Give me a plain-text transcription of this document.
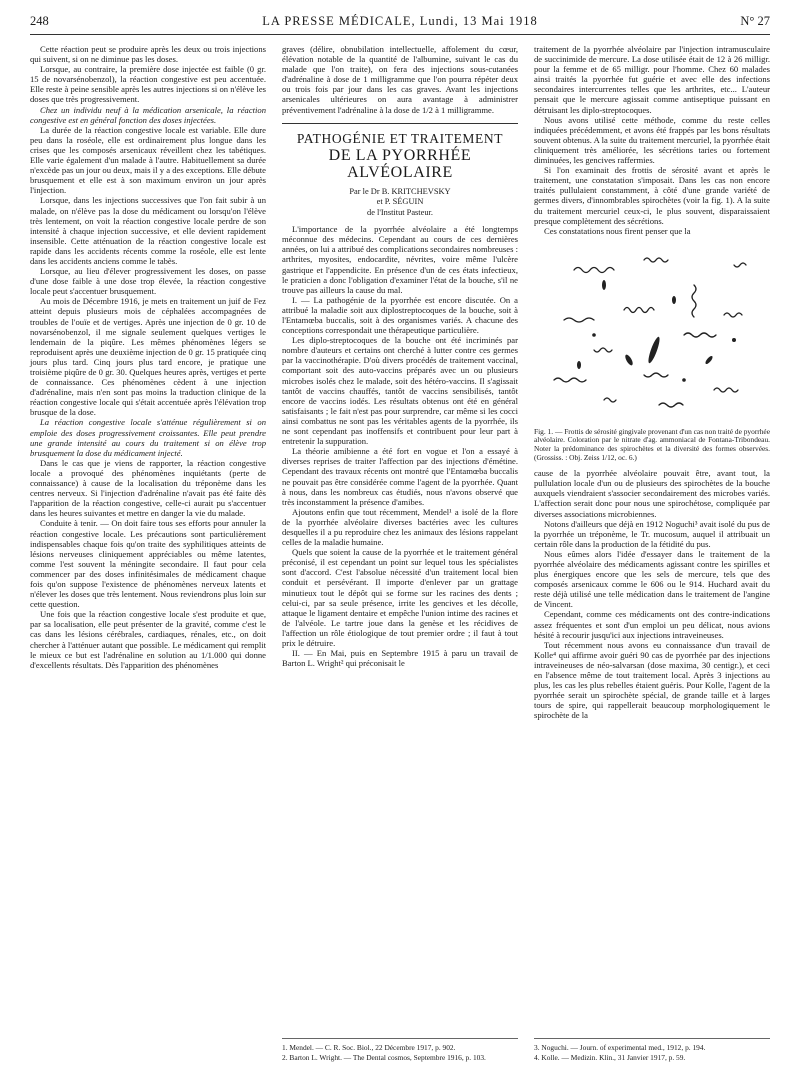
248	LA PRESSE MÉDICALE, Lundi, 13 Mai 1918	N° 27

Cette réaction peut se produire après les deux ou trois injections qui suivent, si on ne diminue pas les doses.

Lorsque, au contraire, la première dose injectée est faible (0 gr. 15 de novarsénobenzol), la réaction congestive est peu accentuée. Elle reste à peine sensible après les autres injections si on n'élève les doses que très progressivement.

Chez un individu neuf à la médication arsenicale, la réaction congestive est en général fonction des doses injectées.

La durée de la réaction congestive locale est variable. Elle dure peu dans la roséole, elle est ordinairement plus longue dans les crises que les composés arsenicaux réveillent chez les tabétiques. Elle varie également d'un malade à l'autre. Habituellement sa durée n'excède pas un jour ou deux, mais il y a des exceptions. Elle débute brusquement et elle est à son maximum environ un jour après l'injection.

Lorsque, dans les injections successives que l'on fait subir à un malade, on n'élève pas la dose du médicament ou lorsqu'on l'élève très lentement, on voit la réaction congestive locale perdre de son intensité à chaque injection successive, et elle devient rapidement insensible. Cette atténuation de la réaction congestive locale est rapide dans les accidents récents comme la roséole, elle est lente dans les accidents anciens comme le tabès.

Lorsque, au lieu d'élever progressivement les doses, on passe d'une dose faible à une dose trop élevée, la réaction congestive locale peut s'accentuer brusquement.

Au mois de Décembre 1916, je mets en traitement un juif de Fez atteint depuis plusieurs mois de céphalées accompagnées de troubles de l'ouïe et de vertiges. Après une injection de 0 gr. 10 de novarsénobenzol, il me signale seulement quelques vertiges le lendemain de la piqûre. Les mêmes phénomènes légers se reproduisent après une deuxième injection de 0 gr. 15 pratiquée cinq jours plus tard. Cinq jours plus tard encore, je pratique une troisième piqûre de 0 gr. 30. Quelques heures après, vertiges et perte de connaissance. Ces phénomènes cèdent à une injection d'adrénaline, mais n'en sont pas moins la traduction clinique de la réaction congestive locale qui s'était accentuée après l'élévation trop brusque de la dose.

La réaction congestive locale s'atténue régulièrement si on emploie des doses progressivement croissantes. Elle peut prendre une grande intensité au cours du traitement si on élève trop brusquement la dose du médicament injecté.

Dans le cas que je viens de rapporter, la réaction congestive locale a provoqué des phénomènes inquiétants (perte de connaissance) à cause de la localisation du tréponème dans les centres nerveux. Si l'injection d'adrénaline n'avait pas été faite dès l'apparition de la réaction congestive, celle-ci aurait pu s'accentuer dans les heures suivantes et mettre en danger la vie du malade.

Conduite à tenir. — On doit faire tous ses efforts pour annuler la réaction congestive locale. Les précautions sont particulièrement indispensables chaque fois qu'on traite des syphilitiques atteints de lésions nerveuses cliniquement appréciables ou même latentes, comme l'est souvent la méningite secondaire. Il faut pour cela commencer par des doses infinitésimales de médicament chaque fois qu'on suppose l'existence de phénomènes nerveux latents et n'élever les doses que très lentement. Nous reviendrons plus loin sur cette question.

Une fois que la réaction congestive locale s'est produite et que, par sa localisation, elle peut présenter de la gravité, comme c'est le cas dans les lésions cérébrales, cardiaques, rénales, etc., on doit chercher à l'atténuer autant que possible. Le médicament qui remplit le mieux ce but est l'adrénaline en solution au 1/1.000 qui donne d'excellents résultats. Dès l'apparition des phénomènes

graves (délire, obnubilation intellectuelle, affolement du cœur, élévation notable de la quantité de l'albumine, suivant le cas du malade que l'on traite), on fera des injections sous-cutanées d'adrénaline à dose de 1 milligramme que l'on pourra répéter deux ou trois fois par jour dans les cas graves. Avant les injections arsenicales ultérieures on aura avantage à administrer préventivement l'adrénaline à la dose de 1/2 à 1 milligramme.

PATHOGÉNIE ET TRAITEMENT
DE LA PYORRHÉE ALVÉOLAIRE
Par le Dr B. KRITCHEVSKY
et P. SÉGUIN
de l'Institut Pasteur.

L'importance de la pyorrhée alvéolaire a été longtemps méconnue des médecins. Cependant au cours de ces dernières années, on lui a attribué des complications secondaires nombreuses : arthrites, myosites, endocardite, névrites, voire même l'ulcère gastrique et l'appendicite. En présence d'un de ces états infectieux, le praticien a donc l'obligation d'examiner l'état de la bouche, s'il ne trouve pas ailleurs la cause du mal.

I. — La pathogénie de la pyorrhée est encore discutée. On a attribué la maladie soit aux diplostreptocoques de la bouche, soit à l'Entamœba buccalis, soit à des organismes variés. A chacune des conceptions correspondait une thérapeutique particulière.

Les diplo-streptocoques de la bouche ont été incriminés par nombre d'auteurs et certains ont cherché à lutter contre ces germes par la vaccinothérapie. D'où divers procédés de traitement vaccinal, comportant soit des auto-vaccins préparés avec un ou plusieurs microbes isolés chez le malade, soit des hétéro-vaccins. Il s'agissait tantôt de vaccins chauffés, tantôt de vaccins sensibilisés, tantôt encore de vaccins iodés. Les résultats obtenus ont été en général satisfaisants ; le fait n'est pas pour surprendre, car même si les cocci ainsi combattus ne sont pas les véritables agents de la pyorrhée, ils ne sont cependant pas inoffensifs et contribuent pour leur part à entretenir la suppuration.

La théorie amibienne a été fort en vogue et l'on a essayé à diverses reprises de traiter l'affection par des injections d'émétine. Cependant des travaux récents ont montré que l'Entamœba buccalis ne pouvait pas être considérée comme l'agent de la pyorrhée. Quant à nous, dans les nombreux cas étudiés, nous n'avons observé que très inconstamment la présence d'amibes.

Ajoutons enfin que tout récemment, Mendel¹ a isolé de la flore de la pyorrhée alvéolaire diverses bactéries avec les cultures desquelles il a pu reproduire chez les animaux des lésions rappelant celles de la maladie humaine.

Quels que soient la cause de la pyorrhée et le traitement général préconisé, il est cependant un point sur lequel tous les spécialistes sont d'accord. C'est l'absolue nécessité d'un traitement local bien conduit et persévérant. Il importe d'enlever par un grattage minutieux tout le dépôt qui se forme sur les racines des dents ; celui-ci, par sa seule présence, irrite les gencives et les décolle, attaque le ligament dentaire et empêche l'union intime des racines et de l'alvéole. Le tartre joue dans la genèse et les récidives de l'affection un rôle étiologique de tout premier ordre ; il faut à tout prix le détruire.

II. — En Mai, puis en Septembre 1915 à paru un travail de Barton L. Wright² qui préconisait le

traitement de la pyorrhée alvéolaire par l'injection intramusculaire de succinimide de mercure. La dose utilisée était de 12 à 26 milligr. pour la femme et de 65 milligr. pour l'homme. Chez 60 malades ainsi traités la pyorrhée fut guérie et avec elle des infections secondaires intercurrentes telles que les arthrites, etc... L'auteur pensait que le mercure agissait comme antiseptique puissant en détruisant les diplo-streptocoques.

Nous avons utilisé cette méthode, comme du reste celles indiquées précédemment, et avons été frappés par les bons résultats souvent obtenus. A la suite du traitement mercuriel, la pyorrhée était cliniquement très améliorée, les sécrétions taries ou fortement diminuées, les gencives raffermies.

Si l'on examinait des frottis de sérosité avant et après le traitement, une constatation s'imposait. Dans les cas non encore traités pullulaient constamment, à côté d'une grande variété de germes divers, d'innombrables spirochètes (voir la fig. 1). A la suite du traitement mercuriel ceux-ci, le plus souvent, disparaissaient presque complètement des sécrétions.

Ces constatations nous firent penser que la

Fig. 1. — Frottis de sérosité gingivale provenant d'un cas non traité de pyorrhée alvéolaire. Coloration par le nitrate d'ag. ammoniacal de Fontana-Tribondeau. Noter la prédominance des spirochètes et la diversité des formes observées. (Grossiss. : Obj. Zeiss 1/12, oc. 6.)

cause de la pyorrhée alvéolaire pouvait être, avant tout, la pullulation locale d'un ou de plusieurs des spirochètes de la bouche auxquels viendraient s'associer secondairement des microbes variés. L'affection serait donc pour nous une spirochétose, compliquée par diverses associations microbiennes.

Notons d'ailleurs que déjà en 1912 Noguchi³ avait isolé du pus de la pyorrhée un tréponème, le Tr. mucosum, auquel il attribuait un certain rôle dans la production de la fétidité du pus.

Nous eûmes alors l'idée d'essayer dans le traitement de la pyorrhée alvéolaire des médicaments agissant contre les spirilles et plus énergiques encore que les sels de mercure, tels que des composés arsenicaux comme le 606 ou le 914. Huchard avait du reste déjà utilisé une telle médication dans le traitement de l'angine de Vincent.

Cependant, comme ces médicaments ont des contre-indications assez fréquentes et sont d'un emploi un peu délicat, nous avions hésité à recourir jusqu'ici aux injections intraveineuses.

Tout récemment nous avons eu connaissance d'un travail de Kolle⁴ qui affirme avoir guéri 90 cas de pyorrhée par des injections intraveineuses de néo-salvarsan (dose maxima, 30 centigr.), et ceci en l'absence même de tout traitement local. Après 3 injections au plus, les cas les plus rebelles étaient guéris. Pour Kolle, l'agent de la pyorrhée serait un spirochète spécial, de grande taille et à larges tours de spire, qui rappellerait beaucoup morphologiquement le spirochète de la

1. Mendel. — C. R. Soc. Biol., 22 Décembre 1917, p. 902.
2. Barton L. Wright. — The Dental cosmos, Septembre 1916, p. 103.
3. Noguchi. — Journ. of experimental med., 1912, p. 194.
4. Kolle. — Medizin. Klin., 31 Janvier 1917, p. 59.
